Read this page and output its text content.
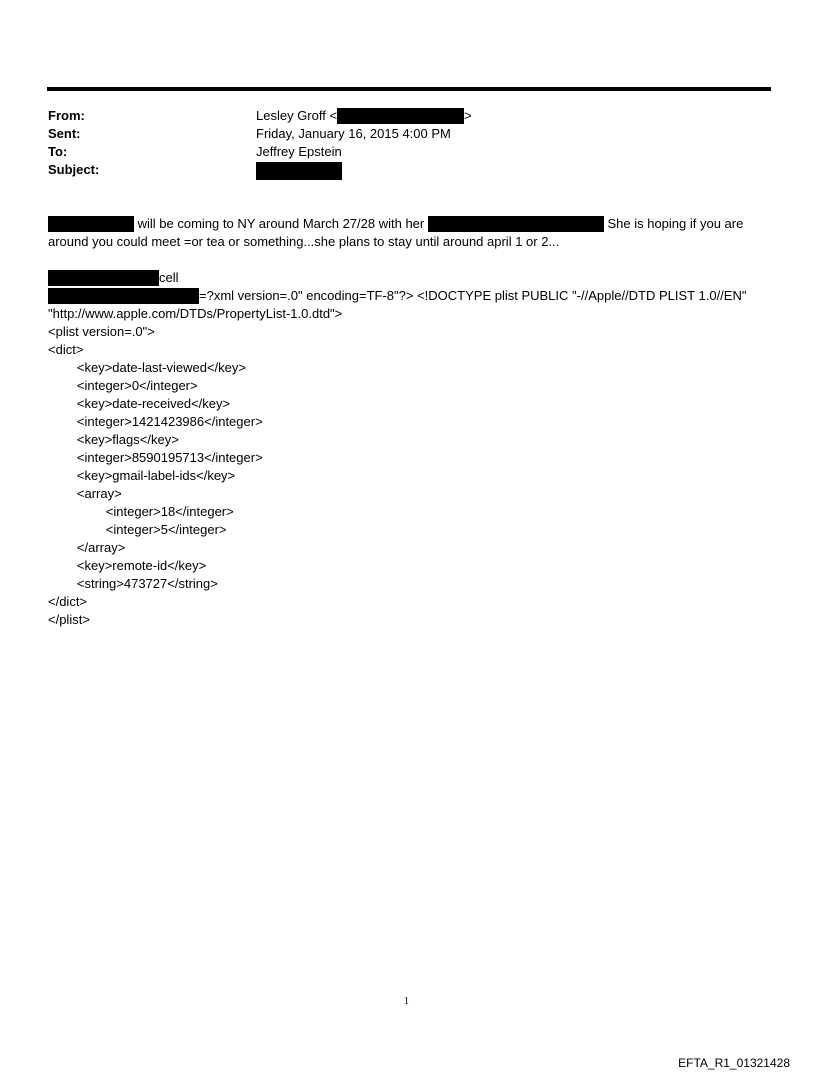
From:	Lesley Groff <	>
Sent:	Friday, January 16, 2015 4:00 PM
To:	Jeffrey Epstein
Subject:
will be coming to NY around March 27/28 with her	She is hoping if you are
around you could meet =or tea or something...she plans to stay until around april 1 or 2...
cell
=?xml version=.0" encoding=TF-8"?> <!DOCTYPE plist PUBLIC "-//Apple//DTD PLIST 1.0//EN"
"http://www.apple.com/DTDs/PropertyList-1.0.dtd">
<plist version=.0">
<dict>
<key>date-last-viewed</key>
<integer>0</integer>
<key>date-received</key>
<integer>1421423986</integer>
<key>flags</key>
<integer>8590195713</integer>
<key>gmail-label-ids</key>
<array>
<integer>18</integer>
<integer>5</integer>
</array>
<key>remote-id</key>
<string>473727</string>
</dict>
</plist>
1
EFTA_R1_01321428
